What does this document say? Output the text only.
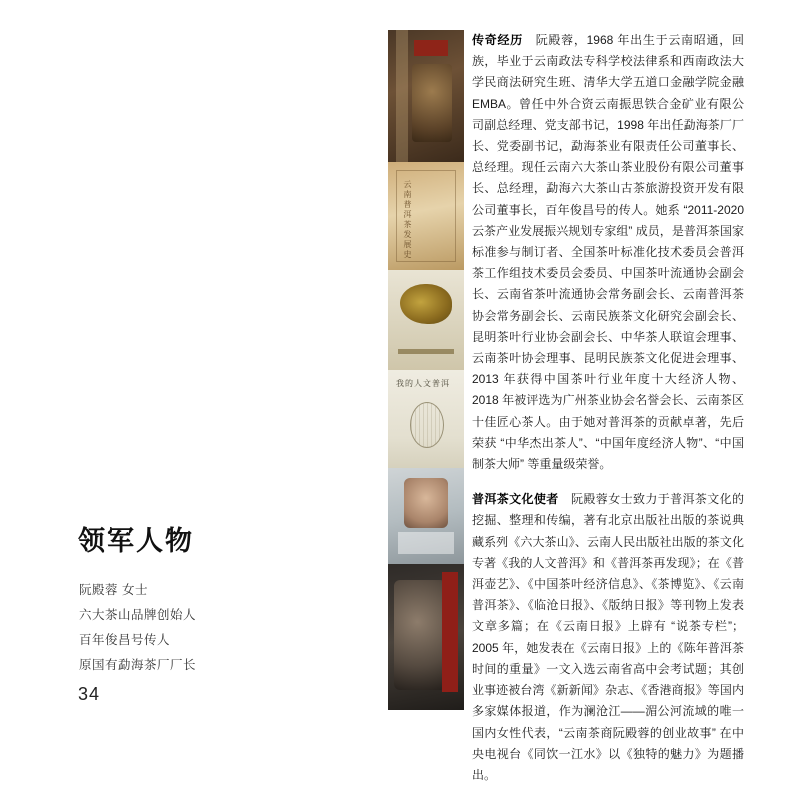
领军人物
阮殿蓉 女士
六大茶山品牌创始人
百年俊昌号传人
原国有勐海茶厂厂长
34
云南普洱茶发展史
我的人文普洱

传奇经历　阮殿蓉，1968 年出生于云南昭通，回族，毕业于云南政法专科学校法律系和西南政法大学民商法研究生班、清华大学五道口金融学院金融 EMBA。曾任中外合资云南振思铁合金矿业有限公司副总经理、党支部书记，1998 年出任勐海茶厂厂长、党委副书记，勐海茶业有限责任公司董事长、总经理。现任云南六大茶山茶业股份有限公司董事长、总经理，勐海六大茶山古茶旅游投资开发有限公司董事长，百年俊昌号的传人。她系 “2011-2020 云茶产业发展振兴规划专家组” 成员，是普洱茶国家标准参与制订者、全国茶叶标准化技术委员会普洱茶工作组技术委员会委员、中国茶叶流通协会副会长、云南省茶叶流通协会常务副会长、云南普洱茶协会常务副会长、云南民族茶文化研究会副会长、昆明茶叶行业协会副会长、中华茶人联谊会理事、云南茶叶协会理事、昆明民族茶文化促进会理事、2013 年获得中国茶叶行业年度十大经济人物、2018 年被评选为广州茶业协会名誉会长、云南茶区十佳匠心茶人。由于她对普洱茶的贡献卓著，先后荣获 “中华杰出茶人”、“中国年度经济人物”、“中国制茶大师” 等重量级荣誉。

普洱茶文化使者　阮殿蓉女士致力于普洱茶文化的挖掘、整理和传编，著有北京出版社出版的茶说典藏系列《六大茶山》、云南人民出版社出版的茶文化专著《我的人文普洱》和《普洱茶再发现》；在《普洱壶艺》、《中国茶叶经济信息》、《茶博览》、《云南普洱茶》、《临沧日报》、《版纳日报》等刊物上发表文章多篇；在《云南日报》上辟有 “说茶专栏”；2005 年，她发表在《云南日报》上的《陈年普洱茶　时间的重量》一文入选云南省高中会考试题；其创业事迹被台湾《新新闻》杂志、《香港商报》等国内多家媒体报道，作为澜沧江——湄公河流域的唯一国内女性代表，“云南茶商阮殿蓉的创业故事” 在中央电视台《同饮一江水》以《独特的魅力》为题播出。
